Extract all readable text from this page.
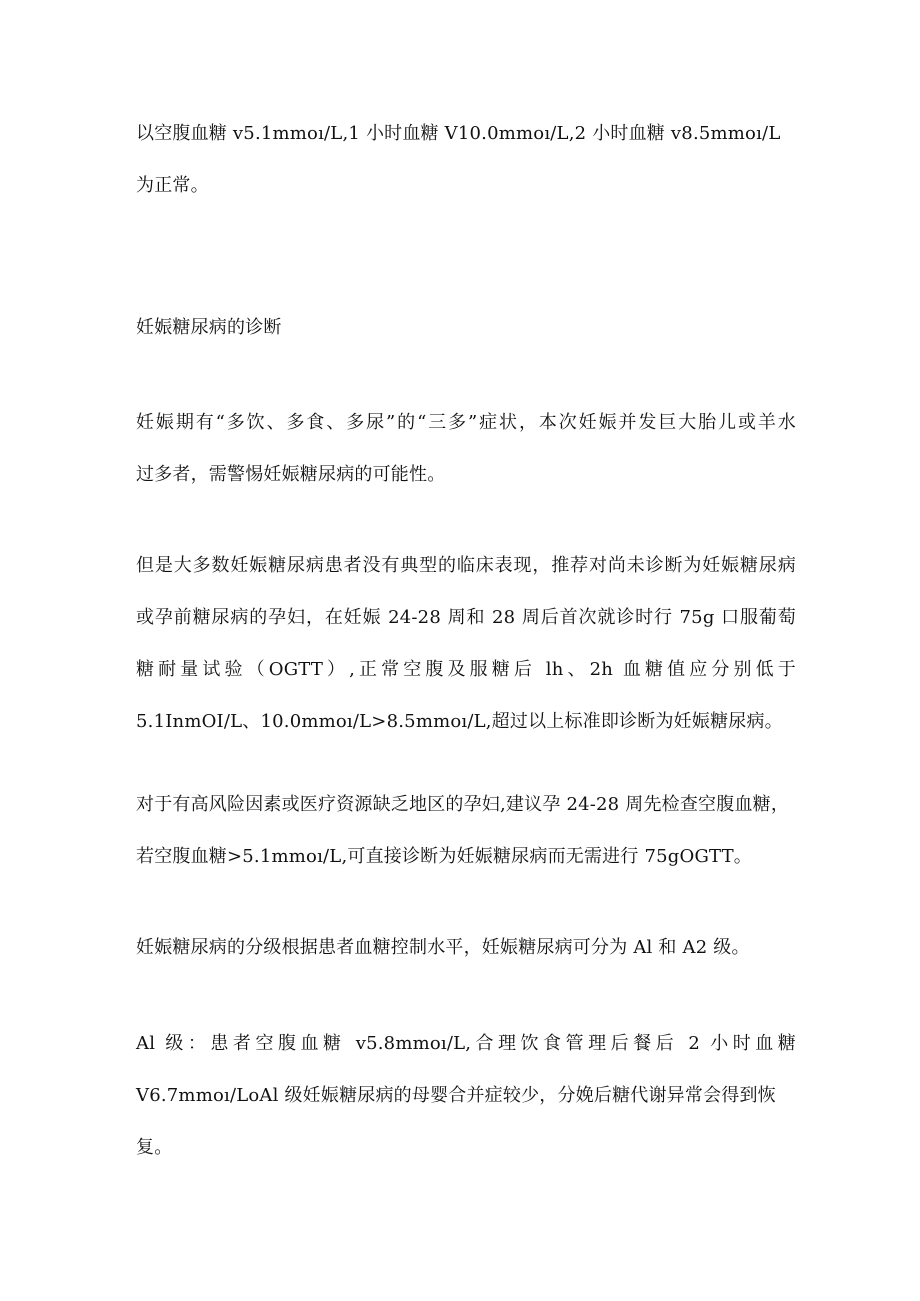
以空腹血糖 v5.1mmoı∕L,1 小时血糖 V10.0mmoı∕L,2 小时血糖 v8.5mmoı∕L
为正常。

妊娠糖尿病的诊断

妊娠期有“多饮、多食、多尿”的“三多”症状，本次妊娠并发巨大胎儿或羊水
过多者，需警惕妊娠糖尿病的可能性。

但是大多数妊娠糖尿病患者没有典型的临床表现，推荐对尚未诊断为妊娠糖尿病
或孕前糖尿病的孕妇，在妊娠 24-28 周和 28 周后首次就诊时行 75g 口服葡萄
糖耐量试验（OGTT）,正常空腹及服糖后 lh、2h 血糖值应分别低于
5.1InmOI/L、10.0mmoı∕L>8.5mmoı∕L,超过以上标准即诊断为妊娠糖尿病。

对于有高风险因素或医疗资源缺乏地区的孕妇,建议孕 24-28 周先检查空腹血糖，
若空腹血糖>5.1mmoı∕L,可直接诊断为妊娠糖尿病而无需进行 75gOGTT。

妊娠糖尿病的分级根据患者血糖控制水平，妊娠糖尿病可分为 Al 和 A2 级。

Al 级：患者空腹血糖 v5.8mmoı∕L,合理饮食管理后餐后 2 小时血糖
V6.7mmoı∕LoAl 级妊娠糖尿病的母婴合并症较少，分娩后糖代谢异常会得到恢
复。
